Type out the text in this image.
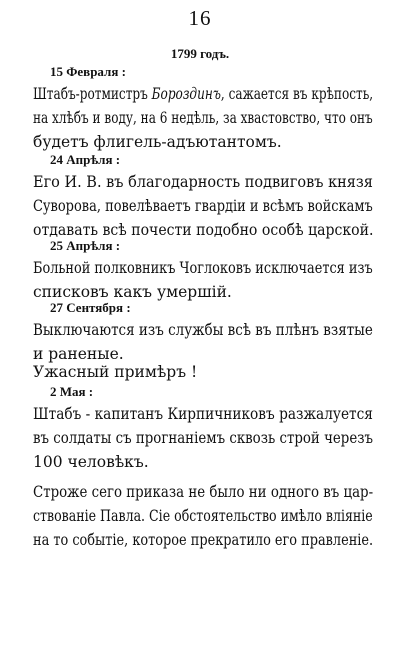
16
1799 годъ.
15 Февраля :
Штабъ-ротмистръ Бороздинъ, сажается въ крѣпость,
на хлѣбъ и воду, на 6 недѣль, за хвастовство, что онъ
будетъ флигель-адъютантомъ.
24 Апрѣля :
Его И. В. въ благодарность подвиговъ князя
Суворова, повелѣваетъ гвардіи и всѣмъ войскамъ
отдавать всѣ почести подобно особѣ царской.
25 Апрѣля :
Больной полковникъ Чоглоковъ исключается изъ
списковъ какъ умершій.
27 Сентября :
Выключаются изъ службы всѣ въ плѣнъ взятые
и раненые.
Ужасный примѣръ !
2 Мая :
Штабъ - капитанъ Кирпичниковъ разжалуется
въ солдаты съ прогнаніемъ сквозь строй черезъ
100 человѣкъ.
Строже сего приказа не было ни одного въ цар-
ствованіе Павла. Сіе обстоятельство имѣло вліяніе
на то событіе, которое прекратило его правленіе.
